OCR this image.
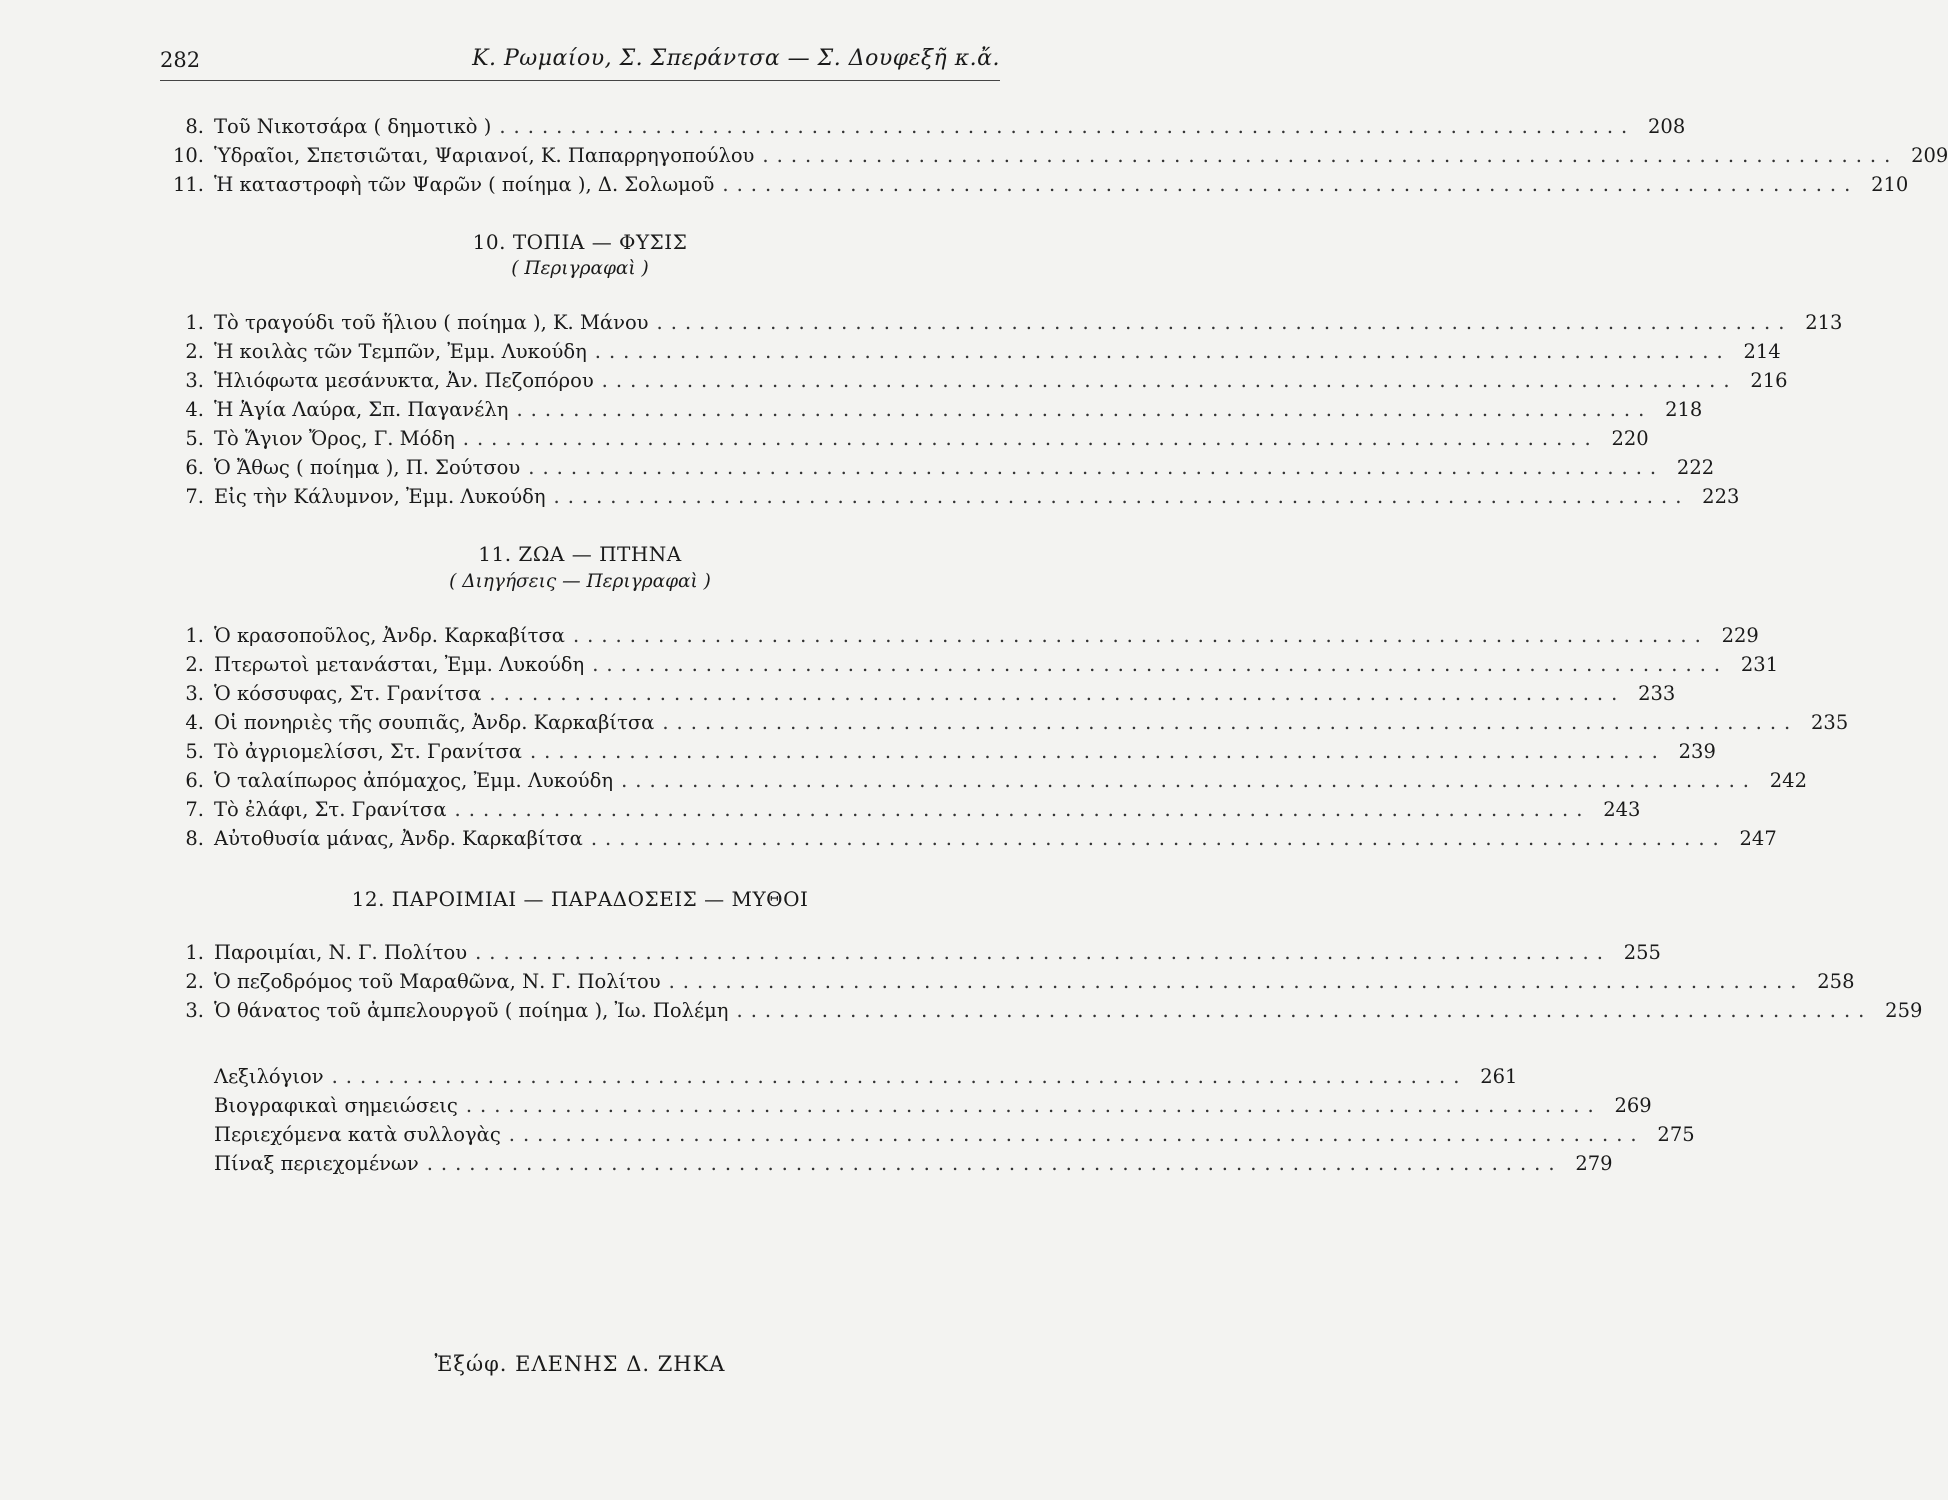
282	Κ. Ρωμαίου, Σ. Σπεράντσα — Σ. Δουφεξῆ κ.ἄ.
8. Τοῦ Νικοτσάρα ( δημοτικὸ ) ................................................................................ 208
10. Ὑδραῖοι, Σπετσιῶται, Ψαριανοί, Κ. Παπαρρηγοπούλου ................................................................................ 209
11. Ἡ καταστροφὴ τῶν Ψαρῶν ( ποίημα ), Δ. Σολωμοῦ ................................................................................ 210
10. ΤΟΠΙΑ — ΦΥΣΙΣ
( Περιγραφαὶ )
1. Τὸ τραγούδι τοῦ ἥλιου ( ποίημα ), Κ. Μάνου ................................................................................ 213
2. Ἡ κοιλὰς τῶν Τεμπῶν, Ἐμμ. Λυκούδη ................................................................................ 214
3. Ἡλιόφωτα μεσάνυκτα, Ἀν. Πεζοπόρου ................................................................................ 216
4. Ἡ Ἁγία Λαύρα, Σπ. Παγανέλη ................................................................................ 218
5. Τὸ Ἅγιον Ὄρος, Γ. Μόδη ................................................................................ 220
6. Ὁ Ἄθως ( ποίημα ), Π. Σούτσου ................................................................................ 222
7. Εἰς τὴν Κάλυμνον, Ἐμμ. Λυκούδη ................................................................................ 223
11. ΖΩΑ — ΠΤΗΝΑ
( Διηγήσεις — Περιγραφαὶ )
1. Ὁ κρασοποῦλος, Ἀνδρ. Καρκαβίτσα ................................................................................ 229
2. Πτερωτοὶ μετανάσται, Ἐμμ. Λυκούδη ................................................................................ 231
3. Ὁ κόσσυφας, Στ. Γρανίτσα ................................................................................ 233
4. Οἱ πονηριὲς τῆς σουπιᾶς, Ἀνδρ. Καρκαβίτσα ................................................................................ 235
5. Τὸ ἀγριομελίσσι, Στ. Γρανίτσα ................................................................................ 239
6. Ὁ ταλαίπωρος ἀπόμαχος, Ἐμμ. Λυκούδη ................................................................................ 242
7. Τὸ ἐλάφι, Στ. Γρανίτσα ................................................................................ 243
8. Αὐτοθυσία μάνας, Ἀνδρ. Καρκαβίτσα ................................................................................ 247
12. ΠΑΡΟΙΜΙΑΙ — ΠΑΡΑΔΟΣΕΙΣ — ΜΥΘΟΙ
1. Παροιμίαι, Ν. Γ. Πολίτου ................................................................................ 255
2. Ὁ πεζοδρόμος τοῦ Μαραθῶνα, Ν. Γ. Πολίτου ................................................................................ 258
3. Ὁ θάνατος τοῦ ἀμπελουργοῦ ( ποίημα ), Ἰω. Πολέμη ................................................................................ 259
Λεξιλόγιον ................................................................................ 261
Βιογραφικαὶ σημειώσεις ................................................................................ 269
Περιεχόμενα κατὰ συλλογὰς ................................................................................ 275
Πίναξ περιεχομένων ................................................................................ 279
Ἐξώφ. ΕΛΕΝΗΣ Δ. ΖΗΚΑ
